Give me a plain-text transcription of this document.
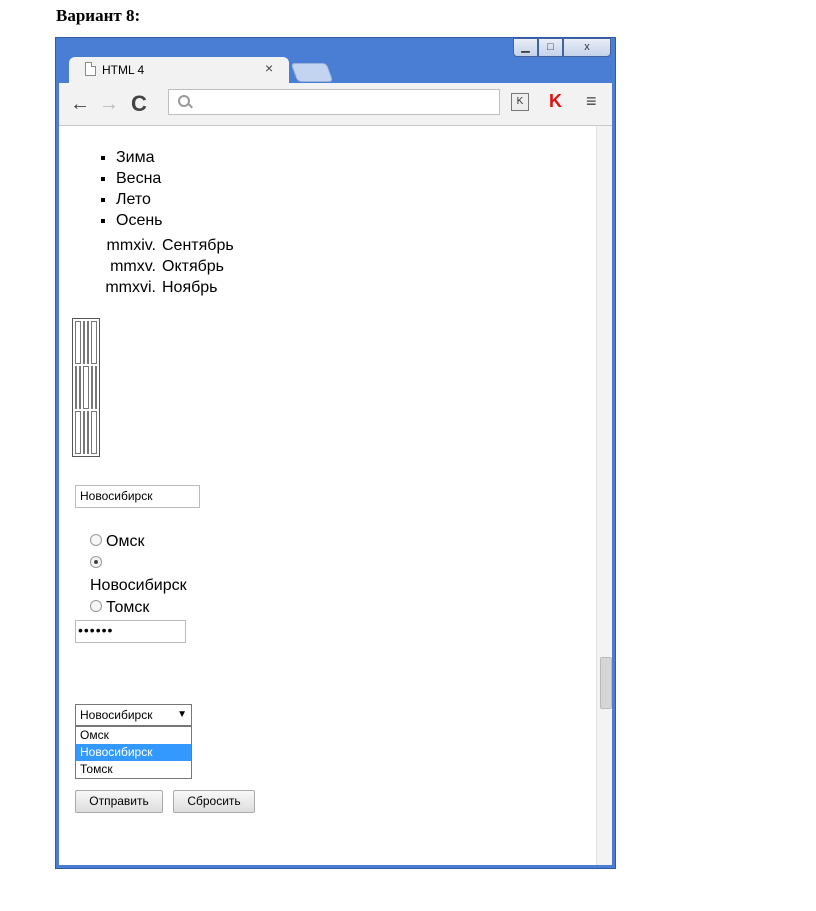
Вариант 8:
▁	□	x
HTML 4	×
← → C	K	K ≡
▪ Зима
▪ Весна
▪ Лето
▪ Осень
mmxiv. Сентябрь
mmxv. Октябрь
mmxvi. Ноябрь

Новосибирск
Омск
Новосибирск
Томск
••••••
Новосибирск ▼
Омск
Новосибирск
Томск
Отправить	Сбросить
